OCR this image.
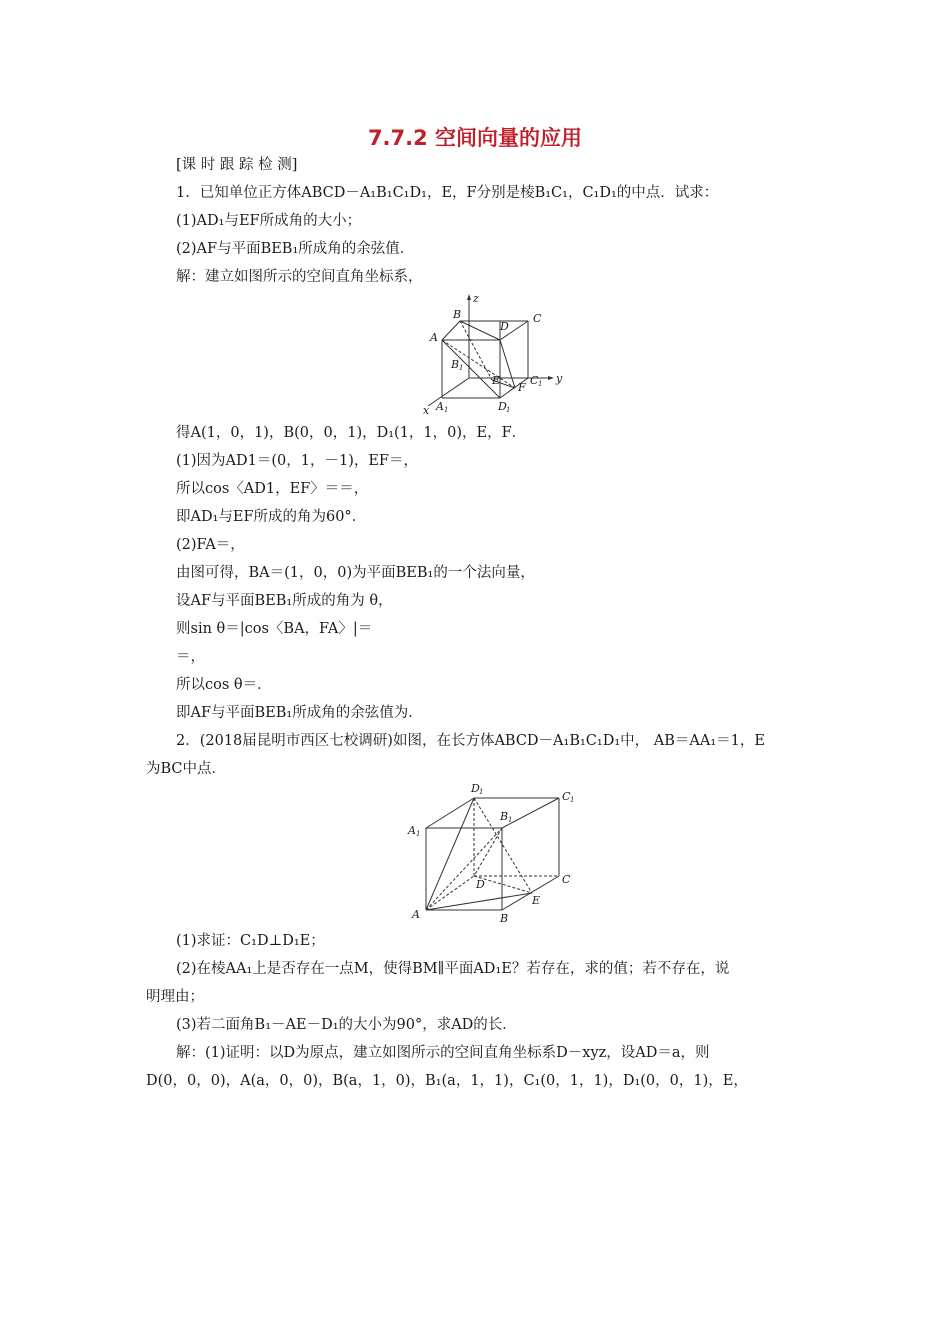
7.7.2 空间向量的应用
[课 时 跟 踪 检 测]
1．已知单位正方体ABCD－A₁B₁C₁D₁，E，F分别是棱B₁C₁，C₁D₁的中点．试求：
(1)AD₁与EF所成角的大小；
(2)AF与平面BEB₁所成角的余弦值．
解：建立如图所示的空间直角坐标系，
z
B
D
C
A
B 1
E	C 1 y
F
x A 1	D 1
得A(1，0，1)，B(0，0，1)，D₁(1，1，0)，E，F．
(1)因为AD1＝(0，1，－1)，EF＝，
所以cos〈AD1，EF〉＝＝，
即AD₁与EF所成的角为60°．
(2)FA＝，
由图可得，BA＝(1，0，0)为平面BEB₁的一个法向量，
设AF与平面BEB₁所成的角为 θ，
则sin θ＝|cos〈BA，FA〉|＝
＝，
所以cos θ＝．
即AF与平面BEB₁所成角的余弦值为．
2．(2018届昆明市西区七校调研)如图，在长方体ABCD－A₁B₁C₁D₁中， AB＝AA₁＝1，E
为BC中点．
D 1	C 1
B 1
A 1
D	C
E
A	B
(1)求证：C₁D⊥D₁E；
(2)在棱AA₁上是否存在一点M，使得BM∥平面AD₁E？若存在，求的值；若不存在，说
明理由；
(3)若二面角B₁－AE－D₁的大小为90°，求AD的长．
解：(1)证明：以D为原点，建立如图所示的空间直角坐标系D－xyz，设AD＝a，则
D(0，0，0)，A(a，0，0)，B(a，1，0)，B₁(a，1，1)，C₁(0，1，1)，D₁(0，0，1)，E，
